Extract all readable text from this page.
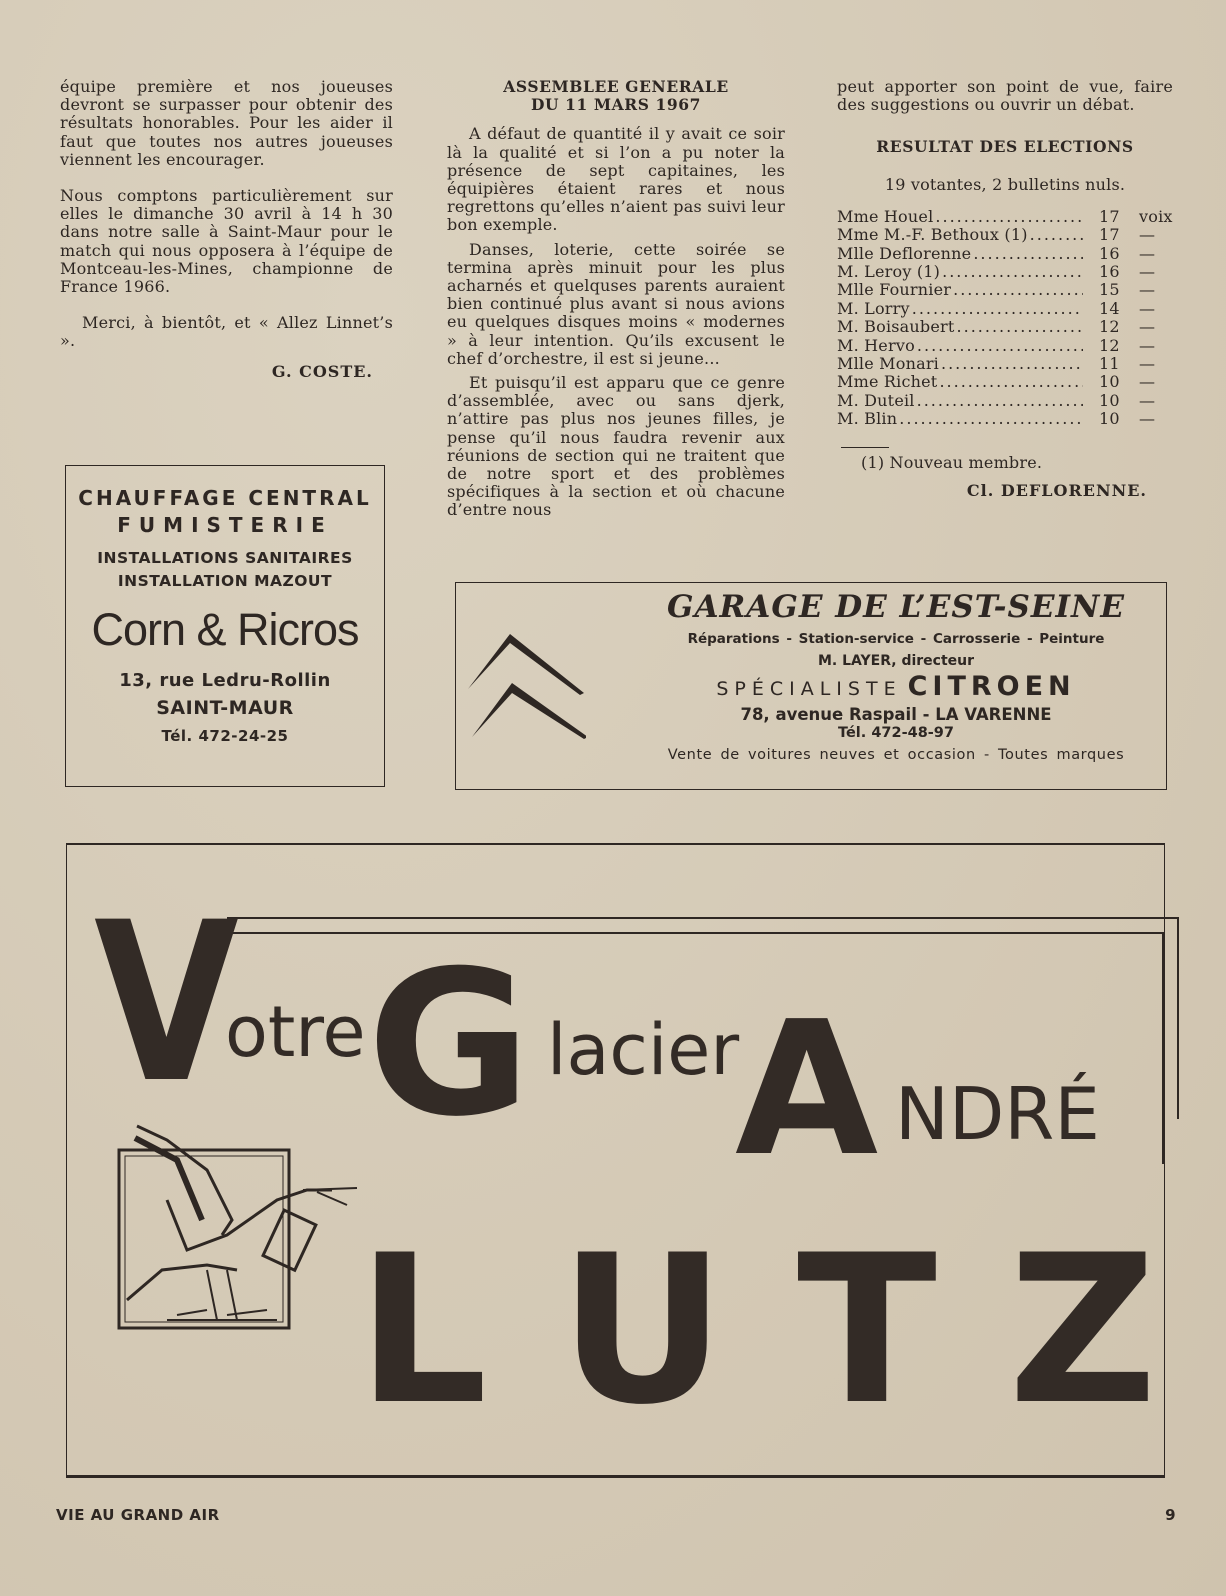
équipe première et nos joueuses devront se surpasser pour obtenir des résultats honorables. Pour les aider il faut que toutes nos autres joueuses viennent les encourager.

Nous comptons particulièrement sur elles le dimanche 30 avril à 14 h 30 dans notre salle à Saint-Maur pour le match qui nous opposera à l’équipe de Montceau-les-Mines, championne de France 1966.

Merci, à bientôt, et « Allez Linnet’s ».

G. COSTE.

ASSEMBLEE GENERALE

DU 11 MARS 1967

A défaut de quantité il y avait ce soir là la qualité et si l’on a pu noter la présence de sept capitaines, les équipières étaient rares et nous regrettons qu’elles n’aient pas suivi leur bon exemple.

Danses, loterie, cette soirée se termina après minuit pour les plus acharnés et quelquses parents auraient bien continué plus avant si nous avions eu quelques disques moins « modernes » à leur intention. Qu’ils excusent le chef d’orchestre, il est si jeune...

Et puisqu’il est apparu que ce genre d’assemblée, avec ou sans djerk, n’attire pas plus nos jeunes filles, je pense qu’il nous faudra revenir aux réunions de section qui ne traitent que de notre sport et des problèmes spécifiques à la section et où chacune d’entre nous

peut apporter son point de vue, faire des suggestions ou ouvrir un débat.

RESULTAT DES ELECTIONS

19 votantes, 2 bulletins nuls.

Mme Houel .....	17	voix
Mme M.-F. Bethoux (1) .....	17	—
Mlle Deflorenne .....	16	—
M. Leroy (1) .....	16	—
Mlle Fournier .....	15	—
M. Lorry .....	14	—
M. Boisaubert .....	12	—
M. Hervo .....	12	—
Mlle Monari .....	11	—
Mme Richet .....	10	—
M. Duteil .....	10	—
M. Blin .....	10	—

(1) Nouveau membre.

Cl. DEFLORENNE.

CHAUFFAGE CENTRAL
FUMISTERIE
INSTALLATIONS SANITAIRES
INSTALLATION MAZOUT
Corn & Ricros
13, rue Ledru-Rollin
SAINT-MAUR
Tél. 472-24-25
GARAGE DE L’EST-SEINE
Réparations - Station-service - Carrosserie - Peinture
M. LAYER, directeur
SPÉCIALISTE CITROEN
78, avenue Raspail - LA VARENNE
Tél. 472-48-97
Vente de voitures neuves et occasion - Toutes marques
V
otre G lacier
A NDRÉ
L U T Z
VIE AU GRAND AIR	9
